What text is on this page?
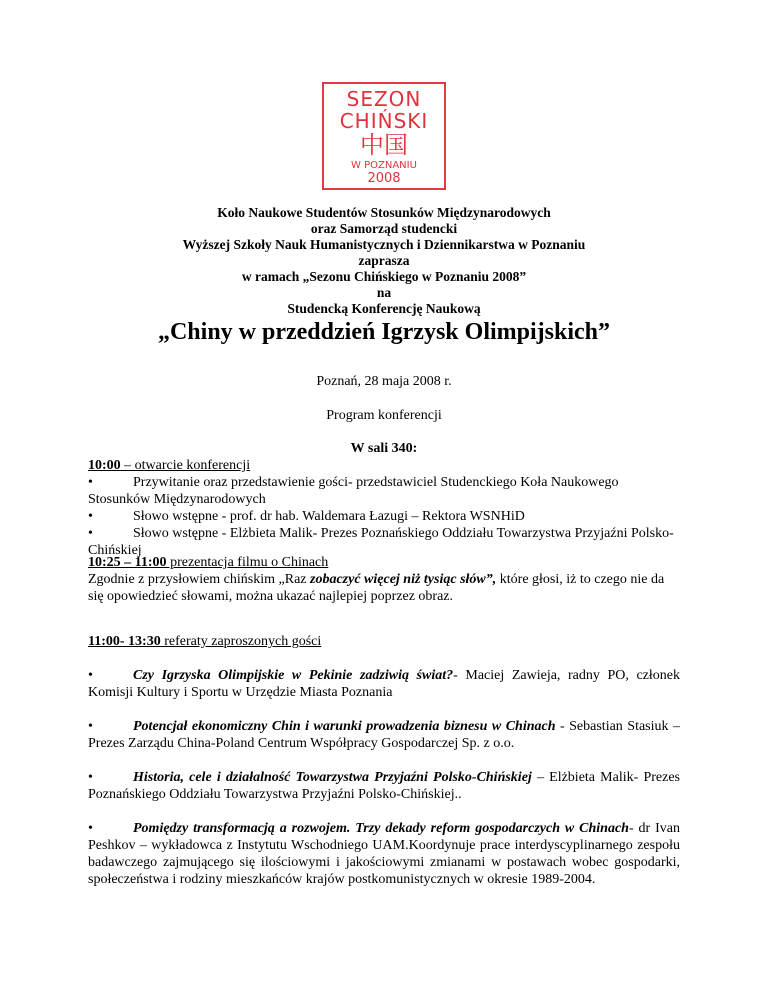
SEZON
CHIŃSKI
中国
W POZNANIU
2008
Koło Naukowe Studentów Stosunków Międzynarodowych
oraz Samorząd studencki
Wyższej Szkoły Nauk Humanistycznych i Dziennikarstwa w Poznaniu
zaprasza
w ramach „Sezonu Chińskiego w Poznaniu 2008”
na
Studencką Konferencję Naukową
„Chiny w przeddzień Igrzysk Olimpijskich”
Poznań, 28 maja 2008 r.
Program konferencji
W sali 340:
10:00 – otwarcie konferencji
•	Przywitanie oraz przedstawienie gości- przedstawiciel Studenckiego Koła Naukowego Stosunków Międzynarodowych
•	Słowo wstępne - prof. dr hab. Waldemara Łazugi – Rektora WSNHiD
•	Słowo wstępne - Elżbieta Malik- Prezes Poznańskiego Oddziału Towarzystwa Przyjaźni Polsko-Chińskiej
10:25 – 11:00 prezentacja filmu o Chinach
Zgodnie z przysłowiem chińskim „Raz zobaczyć więcej niż tysiąc słów”, które głosi, iż to czego nie da się opowiedzieć słowami, można ukazać najlepiej poprzez obraz.
11:00- 13:30 referaty zaproszonych gości
•	Czy Igrzyska Olimpijskie w Pekinie zadziwią świat?- Maciej Zawieja, radny PO, członek Komisji Kultury i Sportu w Urzędzie Miasta Poznania
•	Potencjał ekonomiczny Chin i warunki prowadzenia biznesu w Chinach - Sebastian Stasiuk – Prezes Zarządu China-Poland Centrum Współpracy Gospodarczej Sp. z o.o.
•	Historia, cele i działalność Towarzystwa Przyjaźni Polsko-Chińskiej – Elżbieta Malik- Prezes Poznańskiego Oddziału Towarzystwa Przyjaźni Polsko-Chińskiej..
•	Pomiędzy transformacją a rozwojem. Trzy dekady reform gospodarczych w Chinach- dr Ivan Peshkov – wykładowca z Instytutu Wschodniego UAM.Koordynuje prace interdyscyplinarnego zespołu badawczego zajmującego się ilościowymi i jakościowymi zmianami w postawach wobec gospodarki, społeczeństwa i rodziny mieszkańców krajów postkomunistycznych w okresie 1989-2004.
